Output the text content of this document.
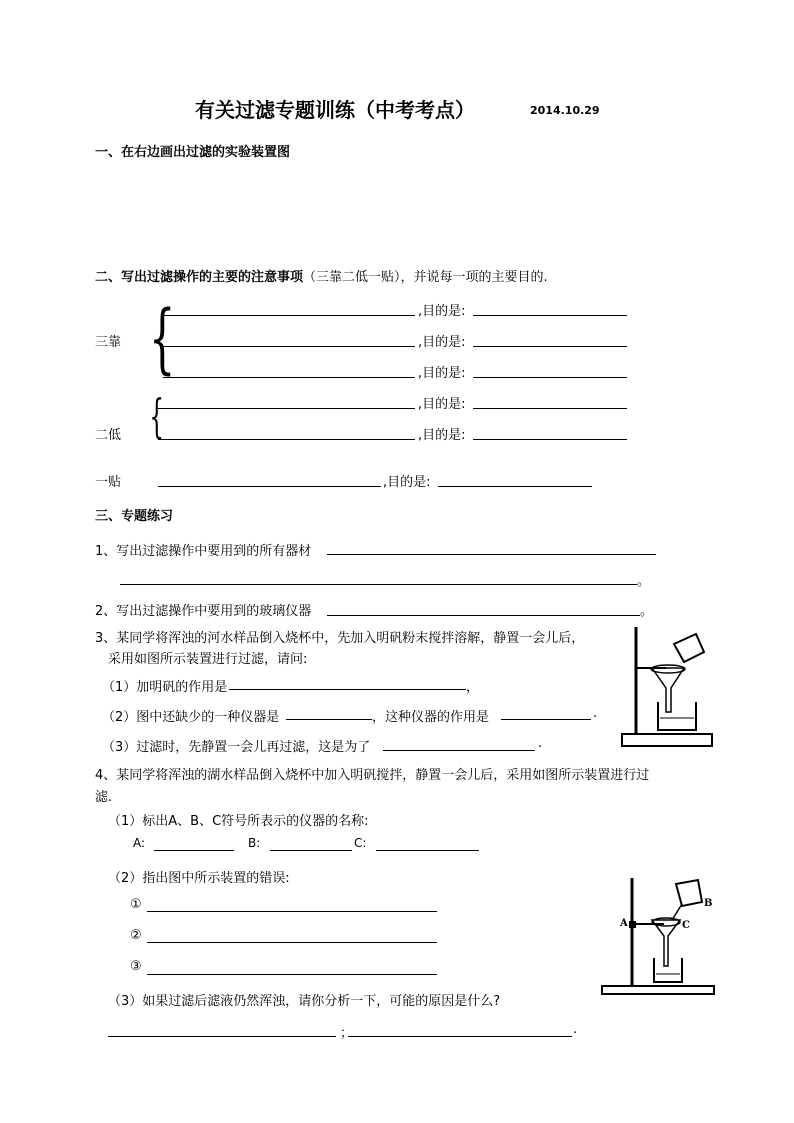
有关过滤专题训练（中考考点）	2014.10.29
一、在右边画出过滤的实验装置图
二、写出过滤操作的主要的注意事项（三靠二低一贴），并说每一项的主要目的.
三靠 {	,目的是:
,目的是:
,目的是:
{	,目的是:
二低	,目的是:
一贴	,目的是:
三、专题练习
1、写出过滤操作中要用到的所有器材
。
2、写出过滤操作中要用到的玻璃仪器	。
3、某同学将浑浊的河水样品倒入烧杯中，先加入明矾粉末搅拌溶解，静置一会儿后，
采用如图所示装置进行过滤，请问:
（1）加明矾的作用是	，
（2）图中还缺少的一种仪器是	，这种仪器的作用是	.
（3）过滤时，先静置一会儿再过滤，这是为了	.
4、某同学将浑浊的湖水样品倒入烧杯中加入明矾搅拌，静置一会儿后，采用如图所示装置进行过
滤.
（1）标出A、B、C符号所表示的仪器的名称:
A:	B:	C:
（2）指出图中所示装置的错误:
①
②
③
（3）如果过滤后滤液仍然浑浊，请你分析一下，可能的原因是什么?
；	.
A
B
C
